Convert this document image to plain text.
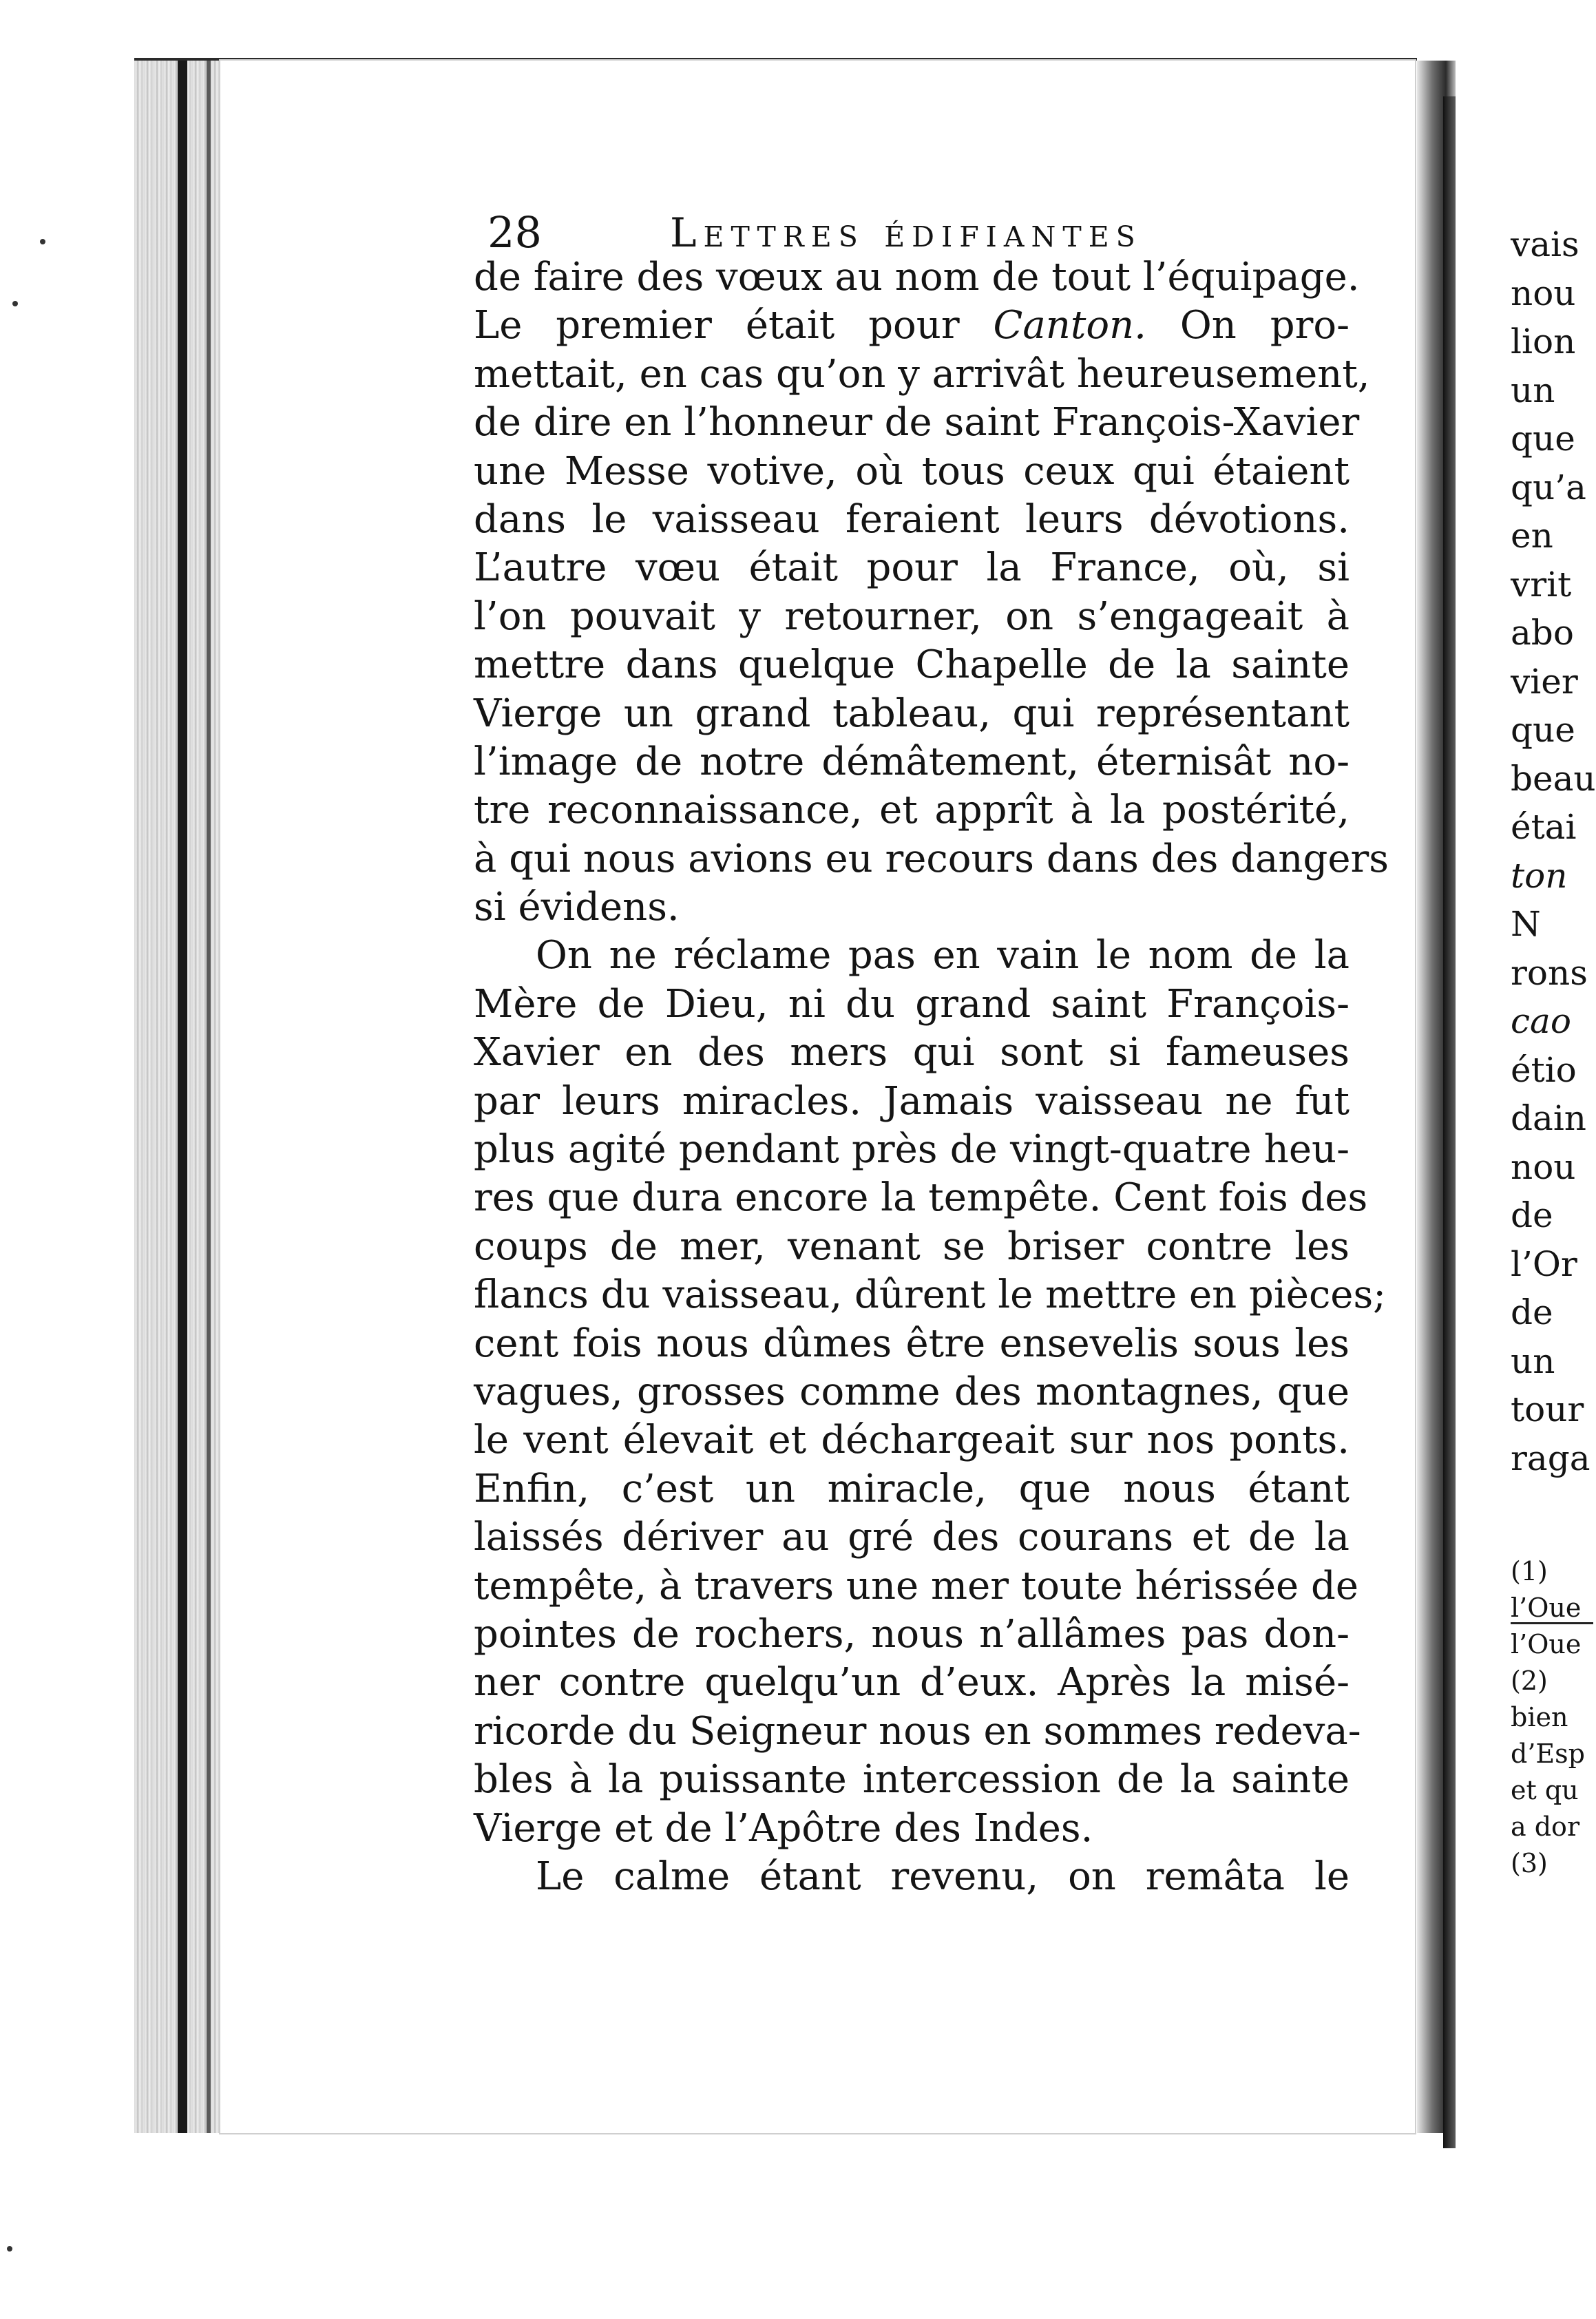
28	Lettres édifiantes
de faire des vœux au nom de tout l’équipage.
Le premier était pour Canton. On pro-
mettait, en cas qu’on y arrivât heureusement,
de dire en l’honneur de saint François-Xavier
une Messe votive, où tous ceux qui étaient
dans le vaisseau feraient leurs dévotions.
L’autre vœu était pour la France, où, si
l’on pouvait y retourner, on s’engageait à
mettre dans quelque Chapelle de la sainte
Vierge un grand tableau, qui représentant
l’image de notre démâtement, éternisât no-
tre reconnaissance, et apprît à la postérité,
à qui nous avions eu recours dans des dangers
si évidens.
On ne réclame pas en vain le nom de la
Mère de Dieu, ni du grand saint François-
Xavier en des mers qui sont si fameuses
par leurs miracles. Jamais vaisseau ne fut
plus agité pendant près de vingt-quatre heu-
res que dura encore la tempête. Cent fois des
coups de mer, venant se briser contre les
flancs du vaisseau, dûrent le mettre en pièces;
cent fois nous dûmes être ensevelis sous les
vagues, grosses comme des montagnes, que
le vent élevait et déchargeait sur nos ponts.
Enfin, c’est un miracle, que nous étant
laissés dériver au gré des courans et de la
tempête, à travers une mer toute hérissée de
pointes de rochers, nous n’allâmes pas don-
ner contre quelqu’un d’eux. Après la misé-
ricorde du Seigneur nous en sommes redeva-
bles à la puissante intercession de la sainte
Vierge et de l’Apôtre des Indes.
Le calme étant revenu, on remâta le
vais
nou
lion
un
que
qu’a
en
vrit
abo
vier
que
beau
étai
ton
N
rons
cao
étio
dain
nou
de
l’Or
de
un
tour
raga
(1)
l’Oue
l’Oue
(2)
bien
d’Esp
et qu
a dor
(3)
